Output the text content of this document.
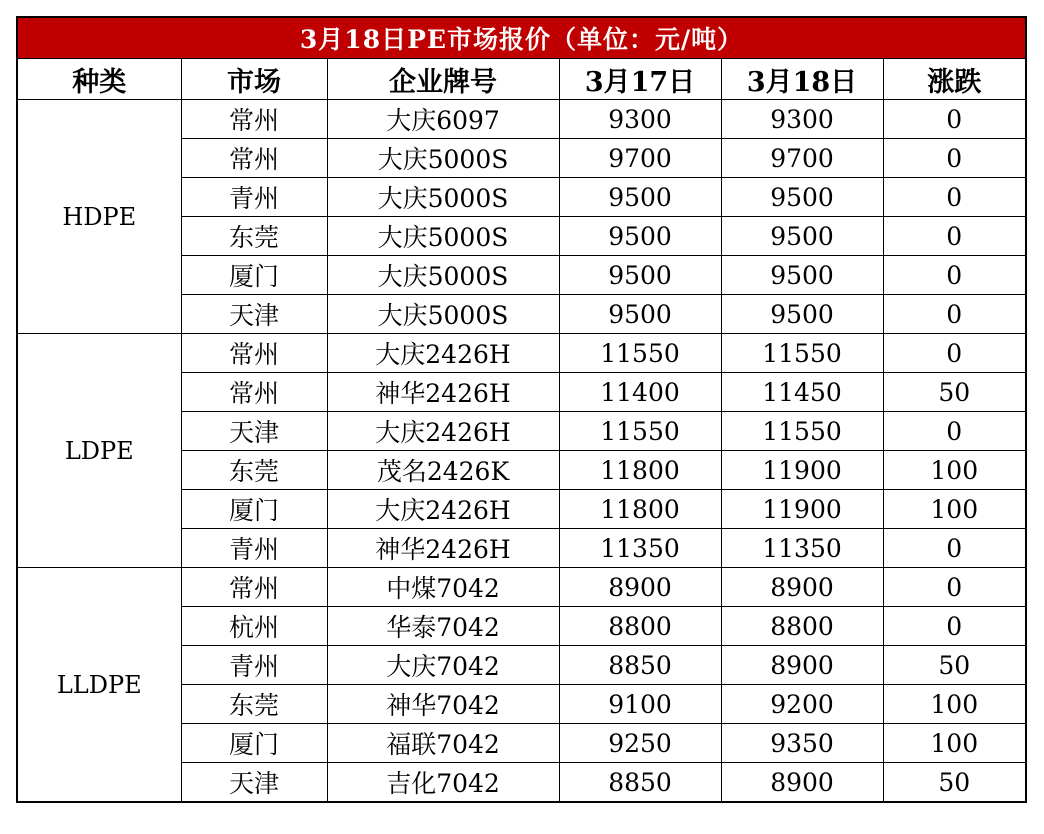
3月18日PE市场报价（单位：元/吨）					
种类	市场	企业牌号	3月17日	3月18日	涨跌
HDPE	常州	大庆6097	9300	9300	0
	常州	大庆5000S	9700	9700	0
	青州	大庆5000S	9500	9500	0
	东莞	大庆5000S	9500	9500	0
	厦门	大庆5000S	9500	9500	0
	天津	大庆5000S	9500	9500	0
LDPE	常州	大庆2426H	11550	11550	0
	常州	神华2426H	11400	11450	50
	天津	大庆2426H	11550	11550	0
	东莞	茂名2426K	11800	11900	100
	厦门	大庆2426H	11800	11900	100
	青州	神华2426H	11350	11350	0
LLDPE	常州	中煤7042	8900	8900	0
	杭州	华泰7042	8800	8800	0
	青州	大庆7042	8850	8900	50
	东莞	神华7042	9100	9200	100
	厦门	福联7042	9250	9350	100
	天津	吉化7042	8850	8900	50
